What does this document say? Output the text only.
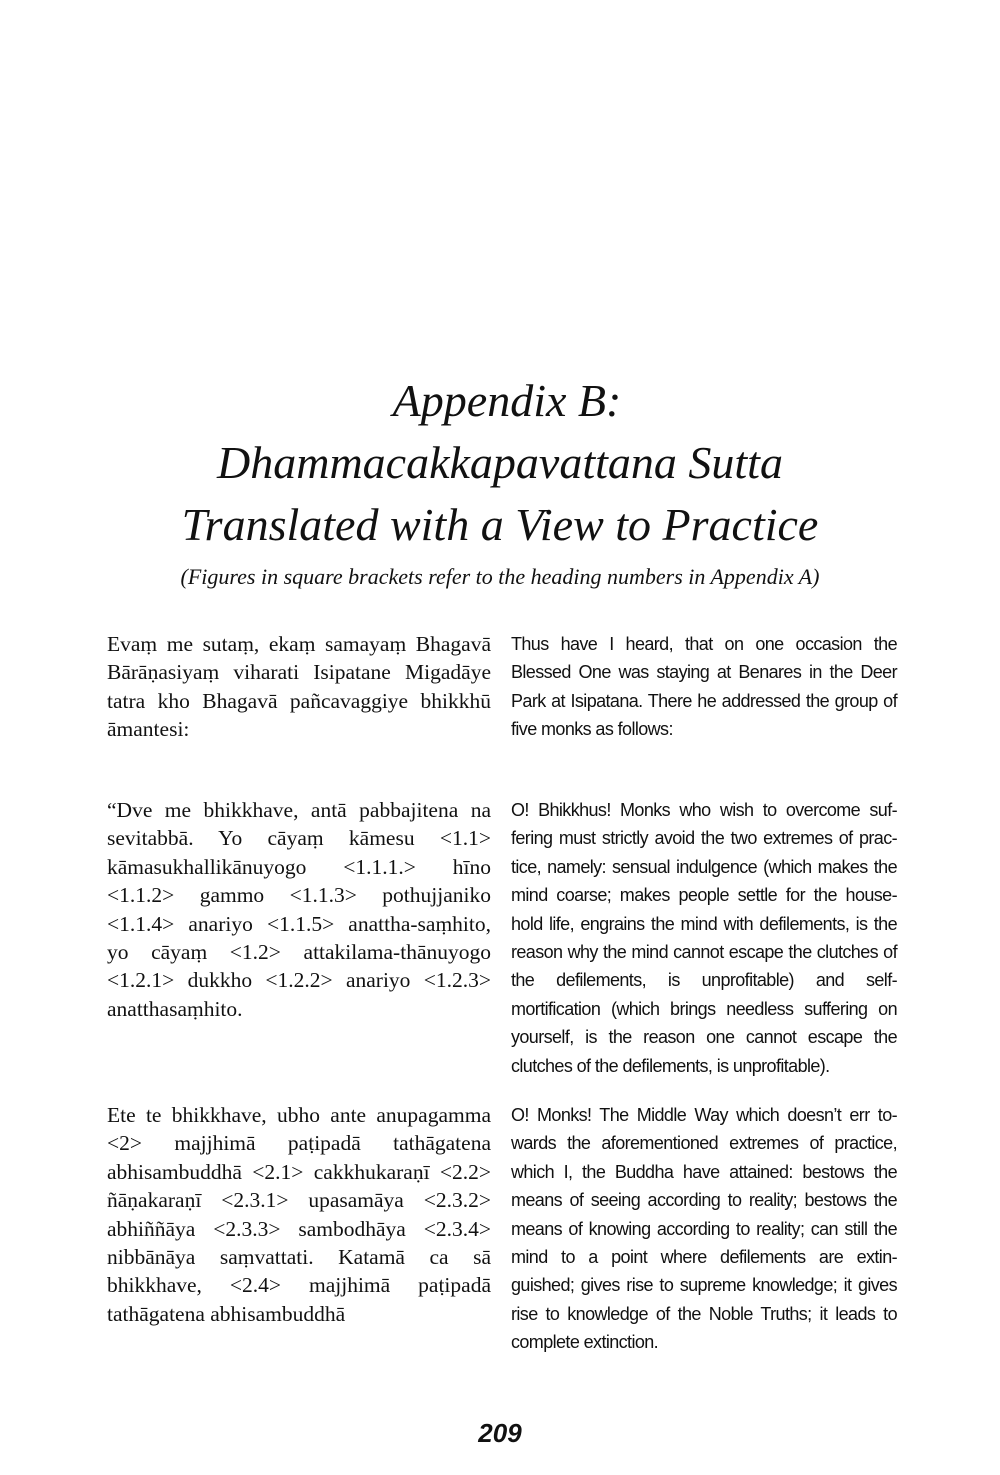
Appendix B:
Dhammacakkapavattana Sutta
Translated with a View to Practice
(Figures in square brackets refer to the heading numbers in Appendix A)
Evaṃ me sutaṃ, ekaṃ samayaṃ Bhagavā Bārāṇasiyaṃ viharati Isipatane Migadāye tatra kho Bhagavā pañcavaggiye bhikkhū āmantesi:
Thus have I heard, that on one occasion the Blessed One was staying at Benares in the Deer Park at Isipatana. There he addressed the group of five monks as follows:
“Dve me bhikkhave, antā pabbajitena na sevitabbā. Yo cāyaṃ kāmesu <1.1> kāmasukhallikānuyogo <1.1.1.> hīno <1.1.2> gammo <1.1.3> pothujjaniko <1.1.4> anariyo <1.1.5> anattha-saṃhito, yo cāyaṃ <1.2> attakilama-thānuyogo <1.2.1> dukkho <1.2.2> anariyo <1.2.3> anatthasaṃhito.
O! Bhikkhus! Monks who wish to overcome suf-fering must strictly avoid the two extremes of prac-tice, namely: sensual indulgence (which makes the mind coarse; makes people settle for the house-hold life, engrains the mind with defilements, is the reason why the mind cannot escape the clutches of the defilements, is unprofitable) and self-mortification (which brings needless suffering on yourself, is the reason one cannot escape the clutches of the defilements, is unprofitable).
Ete te bhikkhave, ubho ante anupagamma <2> majjhimā paṭipadā tathāgatena abhisambuddhā <2.1> cakkhukaraṇī <2.2> ñāṇakaraṇī <2.3.1> upasamāya <2.3.2> abhiññāya <2.3.3> sambodhāya <2.3.4> nibbānāya saṃvattati. Katamā ca sā bhikkhave, <2.4> majjhimā paṭipadā tathāgatena abhisambuddhā
O! Monks! The Middle Way which doesn’t err to-wards the aforementioned extremes of practice, which I, the Buddha have attained: bestows the means of seeing according to reality; bestows the means of knowing according to reality; can still the mind to a point where defilements are extin-guished; gives rise to supreme knowledge; it gives rise to knowledge of the Noble Truths; it leads to complete extinction.
209
